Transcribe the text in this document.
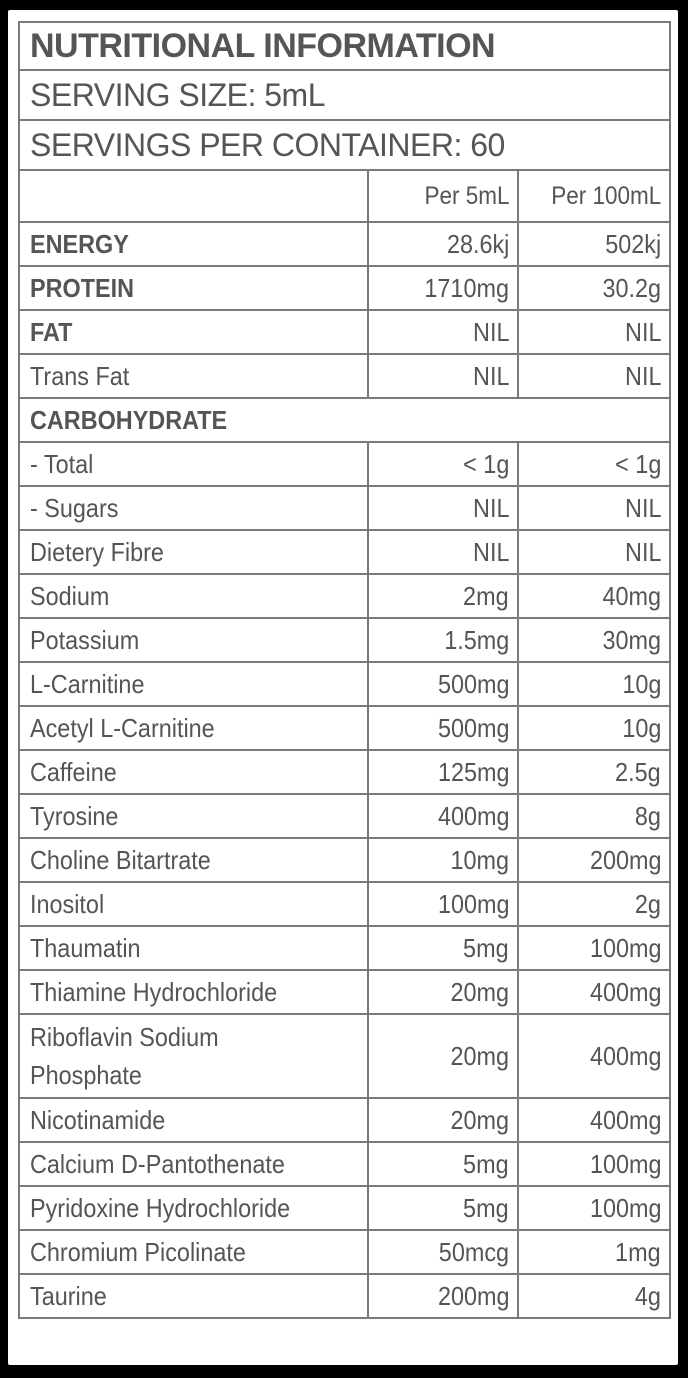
NUTRITIONAL INFORMATION		
SERVING SIZE: 5mL		
SERVINGS PER CONTAINER: 60		
	Per 5mL	Per 100mL
ENERGY	28.6kj	502kj
PROTEIN	1710mg	30.2g
FAT	NIL	NIL
Trans Fat	NIL	NIL
CARBOHYDRATE		
- Total	< 1g	< 1g
- Sugars	NIL	NIL
Dietery Fibre	NIL	NIL
Sodium	2mg	40mg
Potassium	1.5mg	30mg
L-Carnitine	500mg	10g
Acetyl L-Carnitine	500mg	10g
Caffeine	125mg	2.5g
Tyrosine	400mg	8g
Choline Bitartrate	10mg	200mg
Inositol	100mg	2g
Thaumatin	5mg	100mg
Thiamine Hydrochloride	20mg	400mg
Riboflavin Sodium Phosphate	20mg	400mg
Nicotinamide	20mg	400mg
Calcium D-Pantothenate	5mg	100mg
Pyridoxine Hydrochloride	5mg	100mg
Chromium Picolinate	50mcg	1mg
Taurine	200mg	4g
